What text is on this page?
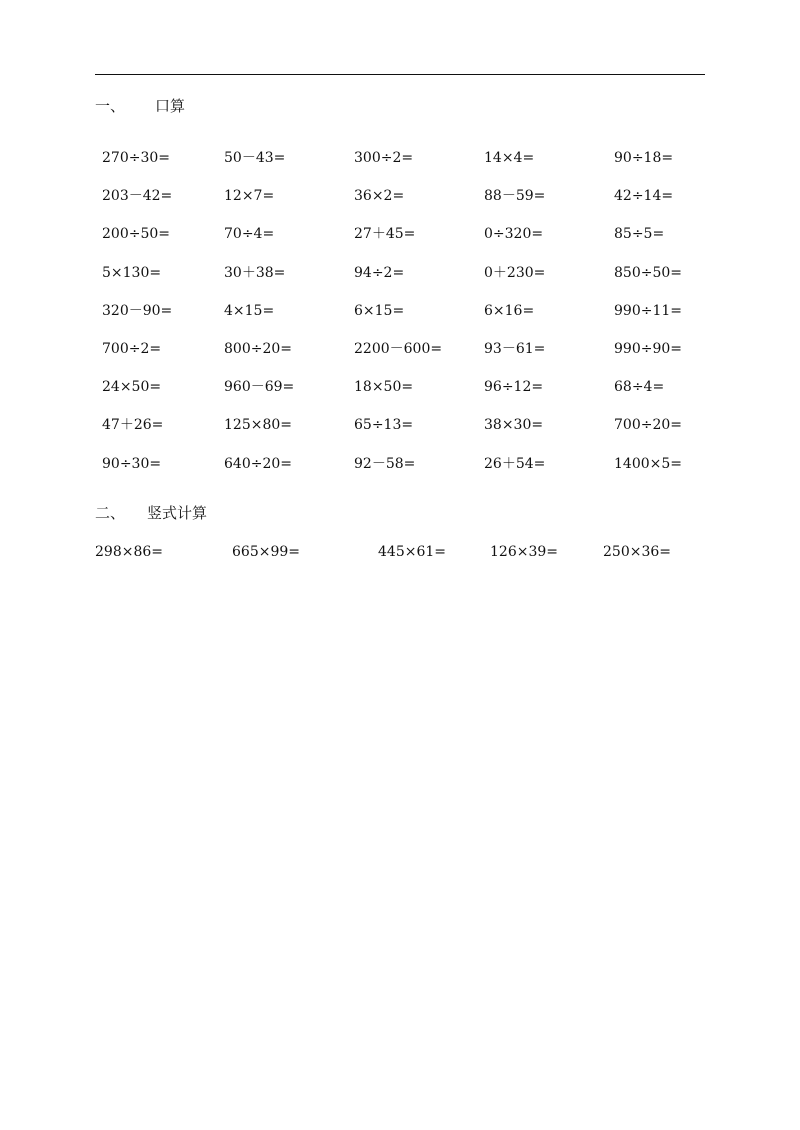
一、 口算
270÷30=	50－43=	300÷2=	14×4=	90÷18=
203－42=	12×7=	36×2=	88－59=	42÷14=
200÷50=	70÷4=	27＋45=	0÷320=	85÷5=
5×130=	30＋38=	94÷2=	0＋230=	850÷50=
320－90=	4×15=	6×15=	6×16=	990÷11=
700÷2=	800÷20=	2200－600=	93－61=	990÷90=
24×50=	960－69=	18×50=	96÷12=	68÷4=
47＋26=	125×80=	65÷13=	38×30=	700÷20=
90÷30=	640÷20=	92－58=	26＋54=	1400×5=
二、 竖式计算
298×86=	665×99=	445×61=	126×39=	250×36=
